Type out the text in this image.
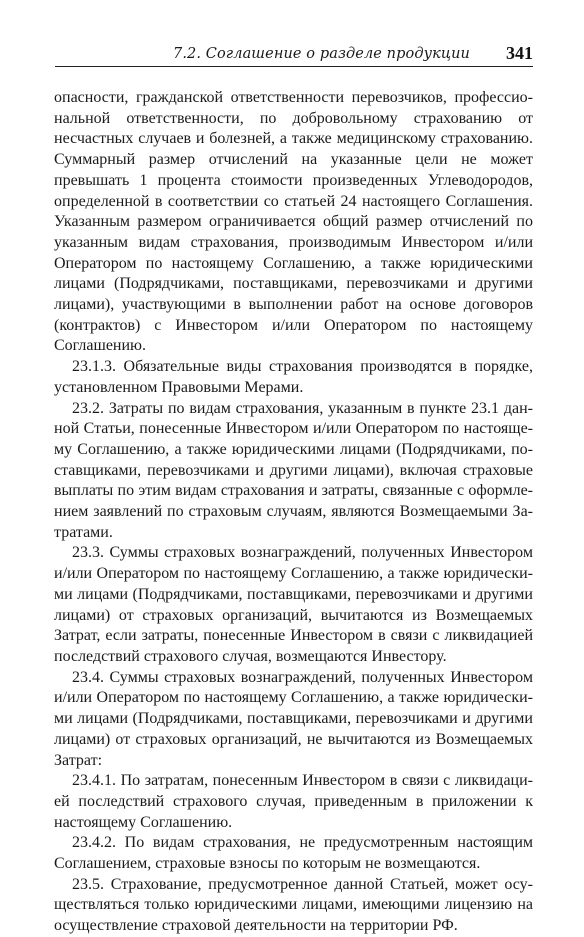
7.2. Соглашение о разделе продукции 341

опасности, гражданской ответственности перевозчиков, профессиональной ответственности, по добровольному страхованию от несчастных случаев и болезней, а также медицинскому страхованию. Суммарный размер отчислений на указанные цели не может превышать 1 процента стоимости произведенных Углеводородов, определенной в соответствии со статьей 24 настоящего Соглашения. Указанным размером ограничивается общий размер отчислений по указанным видам страхования, производимым Инвестором и/или Оператором по настоящему Соглашению, а также юридическими лицами (Подрядчиками, поставщиками, перевозчиками и другими лицами), участвующими в выполнении работ на основе договоров (контрактов) с Инвестором и/или Оператором по настоящему Соглашению.

23.1.3. Обязательные виды страхования производятся в порядке, установленном Правовыми Мерами.

23.2. Затраты по видам страхования, указанным в пункте 23.1 данной Статьи, понесенные Инвестором и/или Оператором по настоящему Соглашению, а также юридическими лицами (Подрядчиками, поставщиками, перевозчиками и другими лицами), включая страховые выплаты по этим видам страхования и затраты, связанные с оформлением заявлений по страховым случаям, являются Возмещаемыми Затратами.

23.3. Суммы страховых вознаграждений, полученных Инвестором и/или Оператором по настоящему Соглашению, а также юридическими лицами (Подрядчиками, поставщиками, перевозчиками и другими лицами) от страховых организаций, вычитаются из Возмещаемых Затрат, если затраты, понесенные Инвестором в связи с ликвидацией последствий страхового случая, возмещаются Инвестору.

23.4. Суммы страховых вознаграждений, полученных Инвестором и/или Оператором по настоящему Соглашению, а также юридическими лицами (Подрядчиками, поставщиками, перевозчиками и другими лицами) от страховых организаций, не вычитаются из Возмещаемых Затрат:

23.4.1. По затратам, понесенным Инвестором в связи с ликвидацией последствий страхового случая, приведенным в приложении к настоящему Соглашению.

23.4.2. По видам страхования, не предусмотренным настоящим Соглашением, страховые взносы по которым не возмещаются.

23.5. Страхование, предусмотренное данной Статьей, может осуществляться только юридическими лицами, имеющими лицензию на осуществление страховой деятельности на территории РФ.
